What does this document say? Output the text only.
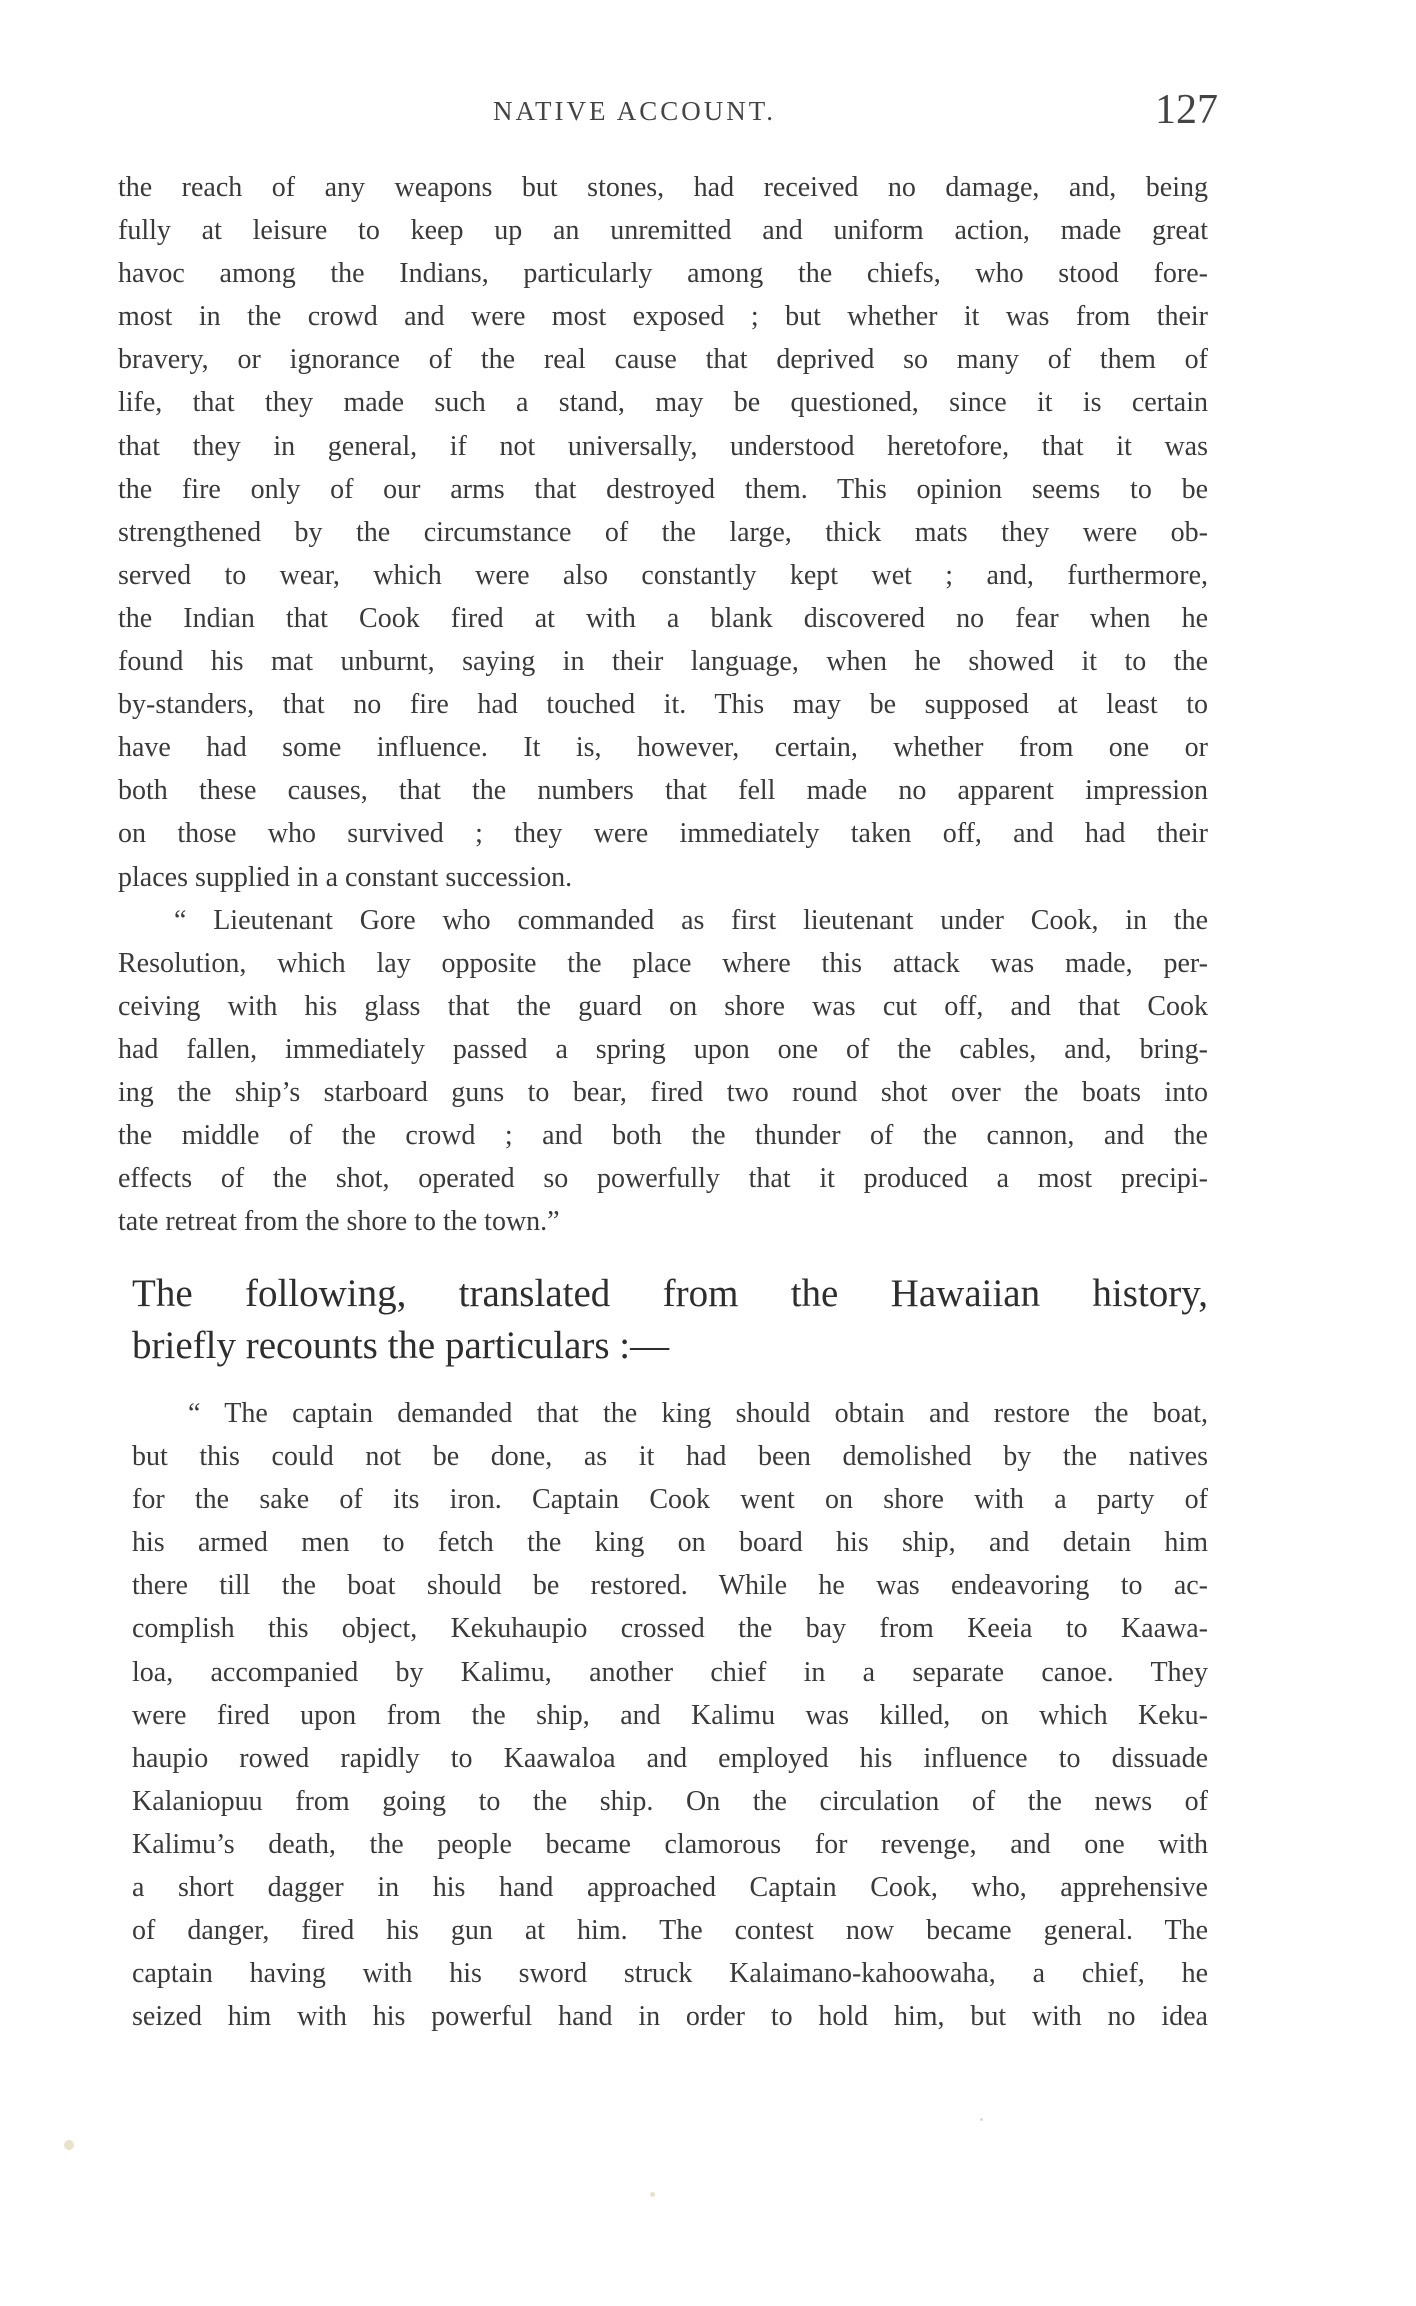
NATIVE ACCOUNT.	127
the reach of any weapons but stones, had received no damage, and, being
fully at leisure to keep up an unremitted and uniform action, made great
havoc among the Indians, particularly among the chiefs, who stood fore-
most in the crowd and were most exposed ; but whether it was from their
bravery, or ignorance of the real cause that deprived so many of them of
life, that they made such a stand, may be questioned, since it is certain
that they in general, if not universally, understood heretofore, that it was
the fire only of our arms that destroyed them. This opinion seems to be
strengthened by the circumstance of the large, thick mats they were ob-
served to wear, which were also constantly kept wet ; and, furthermore,
the Indian that Cook fired at with a blank discovered no fear when he
found his mat unburnt, saying in their language, when he showed it to the
by-standers, that no fire had touched it. This may be supposed at least to
have had some influence. It is, however, certain, whether from one or
both these causes, that the numbers that fell made no apparent impression
on those who survived ; they were immediately taken off, and had their
places supplied in a constant succession.
“ Lieutenant Gore who commanded as first lieutenant under Cook, in the
Resolution, which lay opposite the place where this attack was made, per-
ceiving with his glass that the guard on shore was cut off, and that Cook
had fallen, immediately passed a spring upon one of the cables, and, bring-
ing the ship’s starboard guns to bear, fired two round shot over the boats into
the middle of the crowd ; and both the thunder of the cannon, and the
effects of the shot, operated so powerfully that it produced a most precipi-
tate retreat from the shore to the town.”
The following, translated from the Hawaiian history,
briefly recounts the particulars :—
“ The captain demanded that the king should obtain and restore the boat,
but this could not be done, as it had been demolished by the natives
for the sake of its iron. Captain Cook went on shore with a party of
his armed men to fetch the king on board his ship, and detain him
there till the boat should be restored. While he was endeavoring to ac-
complish this object, Kekuhaupio crossed the bay from Keeia to Kaawa-
loa, accompanied by Kalimu, another chief in a separate canoe. They
were fired upon from the ship, and Kalimu was killed, on which Keku-
haupio rowed rapidly to Kaawaloa and employed his influence to dissuade
Kalaniopuu from going to the ship. On the circulation of the news of
Kalimu’s death, the people became clamorous for revenge, and one with
a short dagger in his hand approached Captain Cook, who, apprehensive
of danger, fired his gun at him. The contest now became general. The
captain having with his sword struck Kalaimano-kahoowaha, a chief, he
seized him with his powerful hand in order to hold him, but with no idea
